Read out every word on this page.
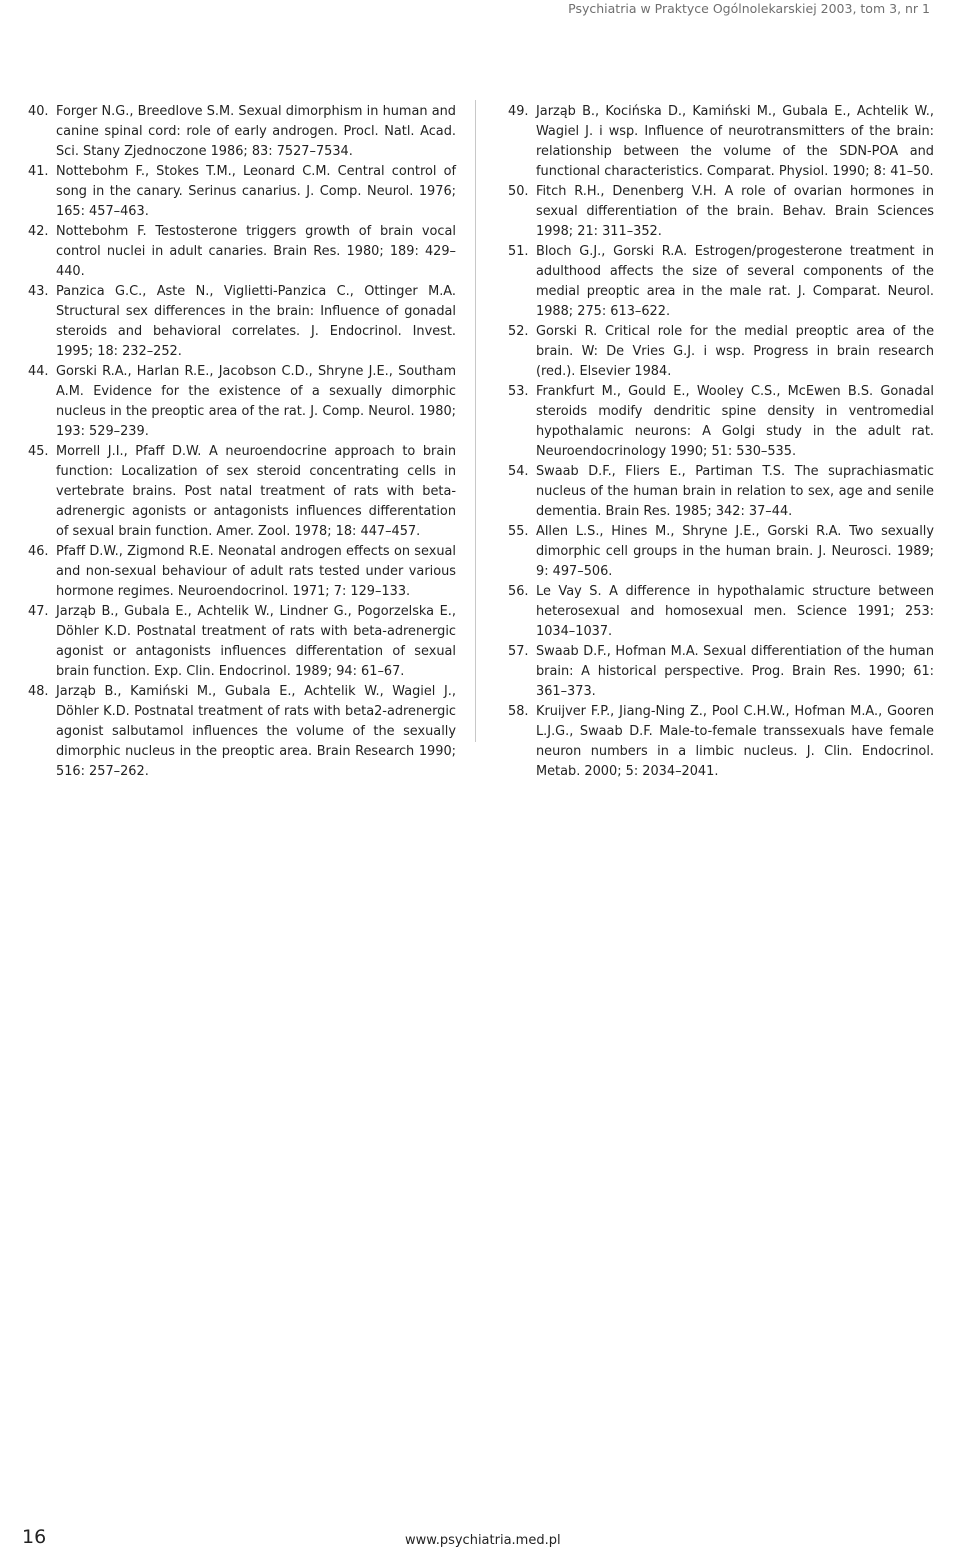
Psychiatria w Praktyce Ogólnolekarskiej 2003, tom 3, nr 1
40. Forger N.G., Breedlove S.M. Sexual dimorphism in human and canine spinal cord: role of early androgen. Procl. Natl. Acad. Sci. Stany Zjednoczone 1986; 83: 7527–7534.
41. Nottebohm F., Stokes T.M., Leonard C.M. Central control of song in the canary. Serinus canarius. J. Comp. Neurol. 1976; 165: 457–463.
42. Nottebohm F. Testosterone triggers growth of brain vocal control nuclei in adult canaries. Brain Res. 1980; 189: 429–440.
43. Panzica G.C., Aste N., Viglietti-Panzica C., Ottinger M.A. Structural sex differences in the brain: Influence of gonadal steroids and behavioral correlates. J. Endocrinol. Invest. 1995; 18: 232–252.
44. Gorski R.A., Harlan R.E., Jacobson C.D., Shryne J.E., Southam A.M. Evidence for the existence of a sexually dimorphic nucleus in the preoptic area of the rat. J. Comp. Neurol. 1980; 193: 529–239.
45. Morrell J.I., Pfaff D.W. A neuroendocrine approach to brain function: Localization of sex steroid concentrating cells in vertebrate brains. Post natal treatment of rats with beta-adrenergic agonists or antagonists influences differentation of sexual brain function. Amer. Zool. 1978; 18: 447–457.
46. Pfaff D.W., Zigmond R.E. Neonatal androgen effects on sexual and non-sexual behaviour of adult rats tested under various hormone regimes. Neuroendocrinol. 1971; 7: 129–133.
47. Jarząb B., Gubala E., Achtelik W., Lindner G., Pogorzelska E., Döhler K.D. Postnatal treatment of rats with beta-adrenergic agonist or antagonists influences differentation of sexual brain function. Exp. Clin. Endocrinol. 1989; 94: 61–67.
48. Jarząb B., Kamiński M., Gubala E., Achtelik W., Wagiel J., Döhler K.D. Postnatal treatment of rats with beta2-adrenergic agonist salbutamol influences the volume of the sexually dimorphic nucleus in the preoptic area. Brain Research 1990; 516: 257–262.
49. Jarząb B., Kocińska D., Kamiński M., Gubala E., Achtelik W., Wagiel J. i wsp. Influence of neurotransmitters of the brain: relationship between the volume of the SDN-POA and functional characteristics. Comparat. Physiol. 1990; 8: 41–50.
50. Fitch R.H., Denenberg V.H. A role of ovarian hormones in sexual differentiation of the brain. Behav. Brain Sciences 1998; 21: 311–352.
51. Bloch G.J., Gorski R.A. Estrogen/progesterone treatment in adulthood affects the size of several components of the medial preoptic area in the male rat. J. Comparat. Neurol. 1988; 275: 613–622.
52. Gorski R. Critical role for the medial preoptic area of the brain. W: De Vries G.J. i wsp. Progress in brain research (red.). Elsevier 1984.
53. Frankfurt M., Gould E., Wooley C.S., McEwen B.S. Gonadal steroids modify dendritic spine density in ventromedial hypothalamic neurons: A Golgi study in the adult rat. Neuroendocrinology 1990; 51: 530–535.
54. Swaab D.F., Fliers E., Partiman T.S. The suprachiasmatic nucleus of the human brain in relation to sex, age and senile dementia. Brain Res. 1985; 342: 37–44.
55. Allen L.S., Hines M., Shryne J.E., Gorski R.A. Two sexually dimorphic cell groups in the human brain. J. Neurosci. 1989; 9: 497–506.
56. Le Vay S. A difference in hypothalamic structure between heterosexual and homosexual men. Science 1991; 253: 1034–1037.
57. Swaab D.F., Hofman M.A. Sexual differentiation of the human brain: A historical perspective. Prog. Brain Res. 1990; 61: 361–373.
58. Kruijver F.P., Jiang-Ning Z., Pool C.H.W., Hofman M.A., Gooren L.J.G., Swaab D.F. Male-to-female transsexuals have female neuron numbers in a limbic nucleus. J. Clin. Endocrinol. Metab. 2000; 5: 2034–2041.
16	www.psychiatria.med.pl
